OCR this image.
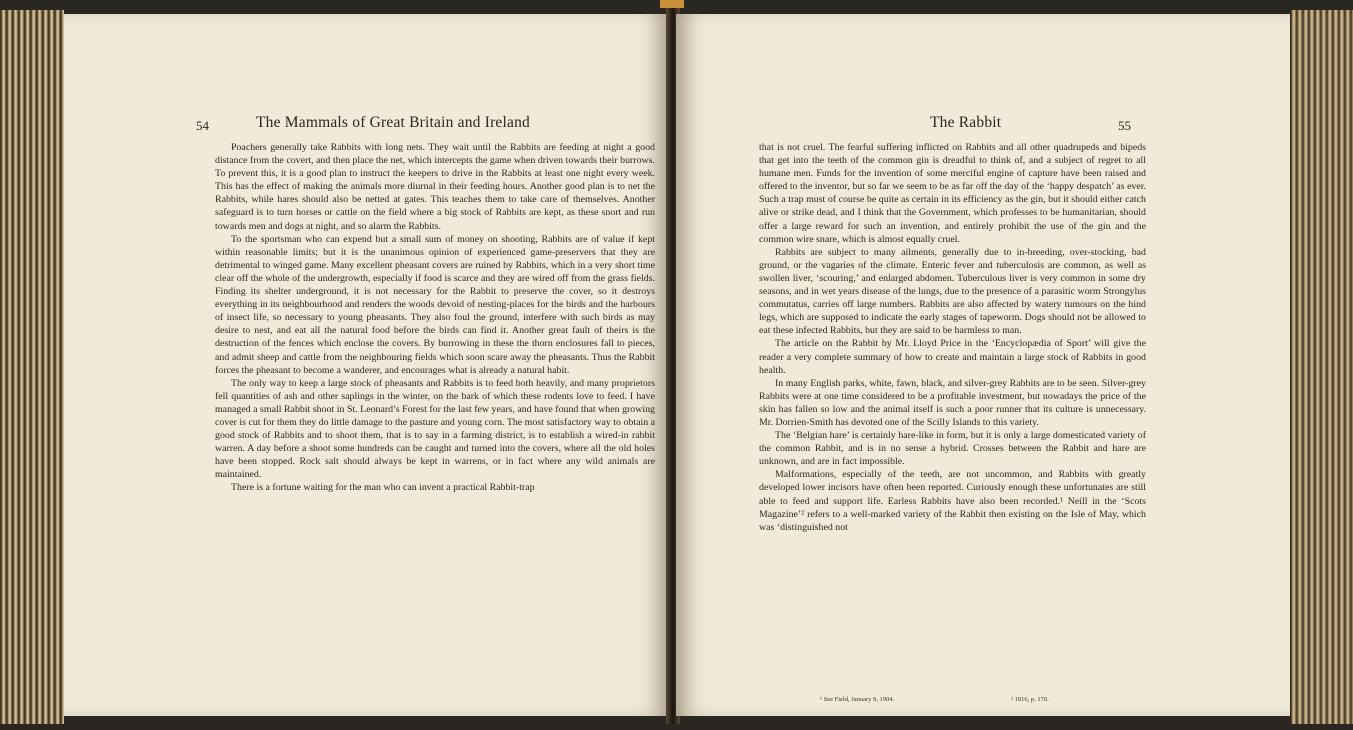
54	The Mammals of Great Britain and Ireland

Poachers generally take Rabbits with long nets. They wait until the Rabbits are feeding at night a good distance from the covert, and then place the net, which intercepts the game when driven towards their burrows. To prevent this, it is a good plan to instruct the keepers to drive in the Rabbits at least one night every week. This has the effect of making the animals more diurnal in their feeding hours. Another good plan is to net the Rabbits, while hares should also be netted at gates. This teaches them to take care of themselves. Another safeguard is to turn horses or cattle on the field where a big stock of Rabbits are kept, as these snort and run towards men and dogs at night, and so alarm the Rabbits.

To the sportsman who can expend but a small sum of money on shooting, Rabbits are of value if kept within reasonable limits; but it is the unanimous opinion of experienced game-preservers that they are detrimental to winged game. Many excellent pheasant covers are ruined by Rabbits, which in a very short time clear off the whole of the undergrowth, especially if food is scarce and they are wired off from the grass fields. Finding its shelter underground, it is not necessary for the Rabbit to preserve the cover, so it destroys everything in its neighbourhood and renders the woods devoid of nesting-places for the birds and the harbours of insect life, so necessary to young pheasants. They also foul the ground, interfere with such birds as may desire to nest, and eat all the natural food before the birds can find it. Another great fault of theirs is the destruction of the fences which enclose the covers. By burrowing in these the thorn enclosures fall to pieces, and admit sheep and cattle from the neighbouring fields which soon scare away the pheasants. Thus the Rabbit forces the pheasant to become a wanderer, and encourages what is already a natural habit.

The only way to keep a large stock of pheasants and Rabbits is to feed both heavily, and many proprietors fell quantities of ash and other saplings in the winter, on the bark of which these rodents love to feed. I have managed a small Rabbit shoot in St. Leonard’s Forest for the last few years, and have found that when growing cover is cut for them they do little damage to the pasture and young corn. The most satisfactory way to obtain a good stock of Rabbits and to shoot them, that is to say in a farming district, is to establish a wired-in rabbit warren. A day before a shoot some hundreds can be caught and turned into the covers, where all the old holes have been stopped. Rock salt should always be kept in warrens, or in fact where any wild animals are maintained.

There is a fortune waiting for the man who can invent a practical Rabbit-trap

The Rabbit	55

that is not cruel. The fearful suffering inflicted on Rabbits and all other quadrupeds and bipeds that get into the teeth of the common gin is dreadful to think of, and a subject of regret to all humane men. Funds for the invention of some merciful engine of capture have been raised and offered to the inventor, but so far we seem to be as far off the day of the ‘happy despatch’ as ever. Such a trap must of course be quite as certain in its efficiency as the gin, but it should either catch alive or strike dead, and I think that the Government, which professes to be humanitarian, should offer a large reward for such an invention, and entirely prohibit the use of the gin and the common wire snare, which is almost equally cruel.

Rabbits are subject to many ailments, generally due to in-breeding, over-stocking, bad ground, or the vagaries of the climate. Enteric fever and tuberculosis are common, as well as swollen liver, ‘scouring,’ and enlarged abdomen. Tuberculous liver is very common in some dry seasons, and in wet years disease of the lungs, due to the presence of a parasitic worm Strongylus commutatus, carries off large numbers. Rabbits are also affected by watery tumours on the hind legs, which are supposed to indicate the early stages of tapeworm. Dogs should not be allowed to eat these infected Rabbits, but they are said to be harmless to man.

The article on the Rabbit by Mr. Lloyd Price in the ‘Encyclopædia of Sport’ will give the reader a very complete summary of how to create and maintain a large stock of Rabbits in good health.

In many English parks, white, fawn, black, and silver-grey Rabbits are to be seen. Silver-grey Rabbits were at one time considered to be a profitable investment, but nowadays the price of the skin has fallen so low and the animal itself is such a poor runner that its culture is unnecessary. Mr. Dorrien-Smith has devoted one of the Scilly Islands to this variety.

The ‘Belgian hare’ is certainly hare-like in form, but it is only a large domesticated variety of the common Rabbit, and is in no sense a hybrid. Crosses between the Rabbit and hare are unknown, and are in fact impossible.

Malformations, especially of the teeth, are not uncommon, and Rabbits with greatly developed lower incisors have often been reported. Curiously enough these unfortunates are still able to feed and support life. Earless Rabbits have also been recorded.¹ Neill in the ‘Scots Magazine’² refers to a well-marked variety of the Rabbit then existing on the Isle of May, which was ‘distinguished not

¹ See Field, January 9, 1904.	² 1816, p. 170.
